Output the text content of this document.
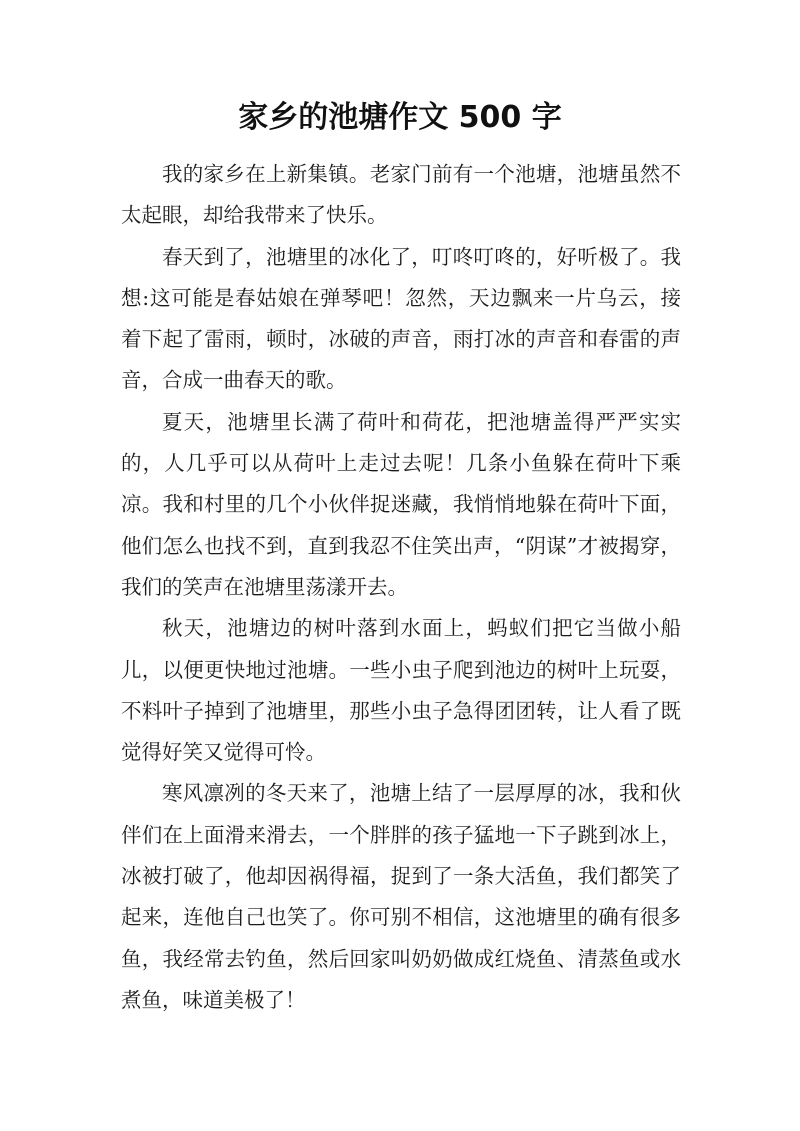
家乡的池塘作文 500 字

我的家乡在上新集镇。老家门前有一个池塘，池塘虽然不太起眼，却给我带来了快乐。

春天到了，池塘里的冰化了，叮咚叮咚的，好听极了。我想:这可能是春姑娘在弹琴吧！忽然，天边飘来一片乌云，接着下起了雷雨，顿时，冰破的声音，雨打冰的声音和春雷的声音，合成一曲春天的歌。

夏天，池塘里长满了荷叶和荷花，把池塘盖得严严实实的，人几乎可以从荷叶上走过去呢！几条小鱼躲在荷叶下乘凉。我和村里的几个小伙伴捉迷藏，我悄悄地躲在荷叶下面，他们怎么也找不到，直到我忍不住笑出声，“阴谋”才被揭穿，我们的笑声在池塘里荡漾开去。

秋天，池塘边的树叶落到水面上，蚂蚁们把它当做小船儿，以便更快地过池塘。一些小虫子爬到池边的树叶上玩耍，不料叶子掉到了池塘里，那些小虫子急得团团转，让人看了既觉得好笑又觉得可怜。

寒风凛冽的冬天来了，池塘上结了一层厚厚的冰，我和伙伴们在上面滑来滑去，一个胖胖的孩子猛地一下子跳到冰上，冰被打破了，他却因祸得福，捉到了一条大活鱼，我们都笑了起来，连他自己也笑了。你可别不相信，这池塘里的确有很多鱼，我经常去钓鱼，然后回家叫奶奶做成红烧鱼、清蒸鱼或水煮鱼，味道美极了！
